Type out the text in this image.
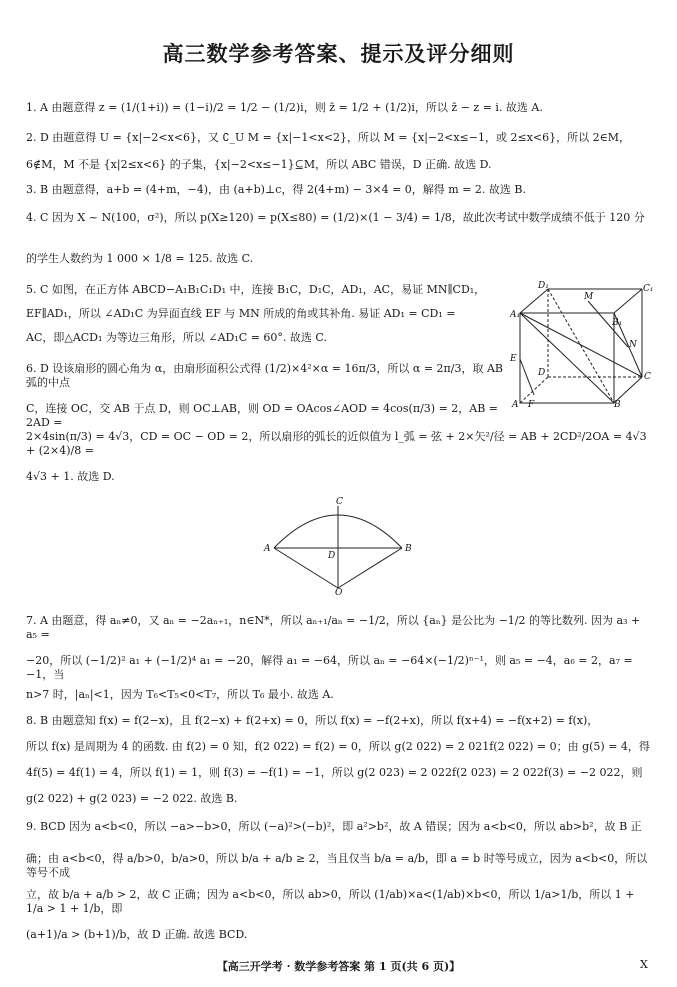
高三数学参考答案、提示及评分细则
1. A 由题意得 z = (1/(1+i)) = (1−i)/2 = 1/2 − (1/2)i，则 z̄ = 1/2 + (1/2)i，所以 z̄ − z = i. 故选 A.
2. D 由题意得 U = {x|−2<x<6}，又 ∁_U M = {x|−1<x<2}，所以 M = {x|−2<x≤−1，或 2≤x<6}，所以 2∈M，
6∉M，M 不是 {x|2≤x<6} 的子集，{x|−2<x≤−1}⊆M，所以 ABC 错误，D 正确. 故选 D.
3. B 由题意得，a+b = (4+m，−4)，由 (a+b)⊥c，得 2(4+m) − 3×4 = 0，解得 m = 2. 故选 B.
4. C 因为 X ~ N(100，σ²)，所以 p(X≥120) = p(X≤80) = (1/2)×(1 − 3/4) = 1/8，故此次考试中数学成绩不低于 120 分
的学生人数约为 1 000 × 1/8 = 125. 故选 C.
5. C 如图，在正方体 ABCD−A₁B₁C₁D₁ 中，连接 B₁C，D₁C，AD₁，AC，易证 MN∥CD₁，
EF∥AD₁，所以 ∠AD₁C 为异面直线 EF 与 MN 所成的角或其补角. 易证 AD₁ = CD₁ =
AC，即△ACD₁ 为等边三角形，所以 ∠AD₁C = 60°. 故选 C.
6. D 设该扇形的圆心角为 α，由扇形面积公式得 (1/2)×4²×α = 16π/3，所以 α = 2π/3，取 AB 弧的中点
C，连接 OC，交 AB 于点 D，则 OC⊥AB，则 OD = OAcos∠AOD = 4cos(π/3) = 2，AB = 2AD =
2×4sin(π/3) = 4√3，CD = OC − OD = 2，所以扇形的弧长的近似值为 l_弧 = 弦 + 2×矢²/径 = AB + 2CD²/2OA = 4√3 + (2×4)/8 =
4√3 + 1. 故选 D.
D₁
M
C₁
A₁
B₁
N
E
D	C
A	B
F
C
A
D
B
O
7. A 由题意，得 aₙ≠0，又 aₙ = −2aₙ₊₁，n∈N*，所以 aₙ₊₁/aₙ = −1/2，所以 {aₙ} 是公比为 −1/2 的等比数列. 因为 a₃ + a₅ =
−20，所以 (−1/2)² a₁ + (−1/2)⁴ a₁ = −20，解得 a₁ = −64，所以 aₙ = −64×(−1/2)ⁿ⁻¹，则 a₅ = −4，a₆ = 2，a₇ = −1，当
n>7 时，|aₙ|<1，因为 T₆<T₅<0<T₇，所以 T₆ 最小. 故选 A.
8. B 由题意知 f(x) = f(2−x)，且 f(2−x) + f(2+x) = 0，所以 f(x) = −f(2+x)，所以 f(x+4) = −f(x+2) = f(x)，
所以 f(x) 是周期为 4 的函数. 由 f(2) = 0 知，f(2 022) = f(2) = 0，所以 g(2 022) = 2 021f(2 022) = 0；由 g(5) = 4，得
4f(5) = 4f(1) = 4，所以 f(1) = 1，则 f(3) = −f(1) = −1，所以 g(2 023) = 2 022f(2 023) = 2 022f(3) = −2 022，则
g(2 022) + g(2 023) = −2 022. 故选 B.
9. BCD 因为 a<b<0，所以 −a>−b>0，所以 (−a)²>(−b)²，即 a²>b²，故 A 错误；因为 a<b<0，所以 ab>b²，故 B 正
确；由 a<b<0，得 a/b>0，b/a>0，所以 b/a + a/b ≥ 2，当且仅当 b/a = a/b，即 a = b 时等号成立，因为 a<b<0，所以等号不成
立，故 b/a + a/b > 2，故 C 正确；因为 a<b<0，所以 ab>0，所以 (1/ab)×a<(1/ab)×b<0，所以 1/a>1/b，所以 1 + 1/a > 1 + 1/b，即
(a+1)/a > (b+1)/b，故 D 正确. 故选 BCD.
【高三开学考 · 数学参考答案 第 1 页(共 6 页)】	X
